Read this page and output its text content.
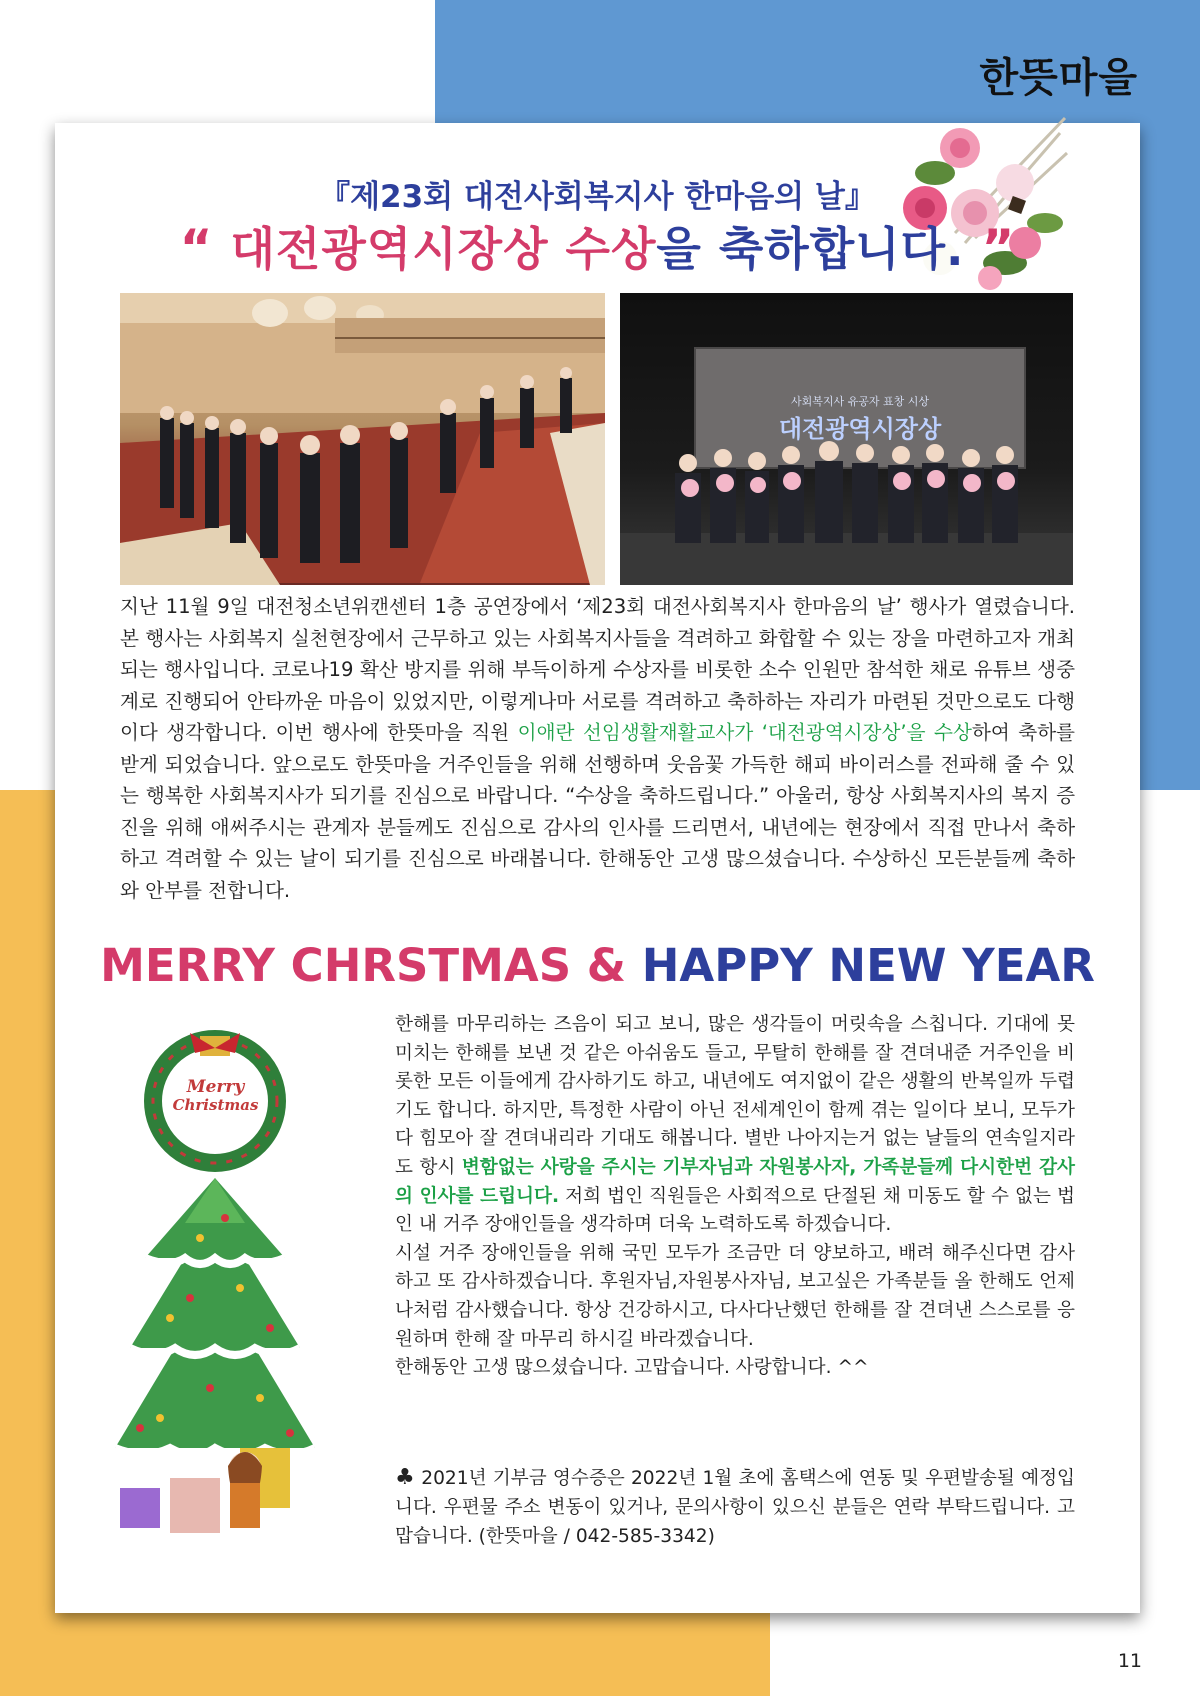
한뜻마을
『제23회 대전사회복지사 한마음의 날』
“ 대전광역시장상 수상을 축하합니다. ”
사회복지사 유공자 표창 시상
대전광역시장상
지난 11월 9일 대전청소년위캔센터 1층 공연장에서 ‘제23회 대전사회복지사 한마음의 날’ 행사가 열렸습니다. 본 행사는 사회복지 실천현장에서 근무하고 있는 사회복지사들을 격려하고 화합할 수 있는 장을 마련하고자 개최되는 행사입니다. 코로나19 확산 방지를 위해 부득이하게 수상자를 비롯한 소수 인원만 참석한 채로 유튜브 생중계로 진행되어 안타까운 마음이 있었지만, 이렇게나마 서로를 격려하고 축하하는 자리가 마련된 것만으로도 다행이다 생각합니다. 이번 행사에 한뜻마을 직원 이애란 선임생활재활교사가 ‘대전광역시장상’을 수상하여 축하를 받게 되었습니다. 앞으로도 한뜻마을 거주인들을 위해 선행하며 웃음꽃 가득한 해피 바이러스를 전파해 줄 수 있는 행복한 사회복지사가 되기를 진심으로 바랍니다. “수상을 축하드립니다.” 아울러, 항상 사회복지사의 복지 증진을 위해 애써주시는 관계자 분들께도 진심으로 감사의 인사를 드리면서, 내년에는 현장에서 직접 만나서 축하하고 격려할 수 있는 날이 되기를 진심으로 바래봅니다. 한해동안 고생 많으셨습니다. 수상하신 모든분들께 축하와 안부를 전합니다.
MERRY CHRSTMAS & HAPPY NEW YEAR
Merry
Christmas

한해를 마무리하는 즈음이 되고 보니, 많은 생각들이 머릿속을 스칩니다. 기대에 못미치는 한해를 보낸 것 같은 아쉬움도 들고, 무탈히 한해를 잘 견뎌내준 거주인을 비롯한 모든 이들에게 감사하기도 하고, 내년에도 여지없이 같은 생활의 반복일까 두렵기도 합니다. 하지만, 특정한 사람이 아닌 전세계인이 함께 겪는 일이다 보니, 모두가 다 힘모아 잘 견뎌내리라 기대도 해봅니다. 별반 나아지는거 없는 날들의 연속일지라도 항시 변함없는 사랑을 주시는 기부자님과 자원봉사자, 가족분들께 다시한번 감사의 인사를 드립니다. 저희 법인 직원들은 사회적으로 단절된 채 미동도 할 수 없는 법인 내 거주 장애인들을 생각하며 더욱 노력하도록 하겠습니다.

시설 거주 장애인들을 위해 국민 모두가 조금만 더 양보하고, 배려 해주신다면 감사하고 또 감사하겠습니다. 후원자님,자원봉사자님, 보고싶은 가족분들 올 한해도 언제나처럼 감사했습니다. 항상 건강하시고, 다사다난했던 한해를 잘 견뎌낸 스스로를 응원하며 한해 잘 마무리 하시길 바라겠습니다.

한해동안 고생 많으셨습니다. 고맙습니다. 사랑합니다. ^^

♣ 2021년 기부금 영수증은 2022년 1월 초에 홈택스에 연동 및 우편발송될 예정입니다. 우편물 주소 변동이 있거나, 문의사항이 있으신 분들은 연락 부탁드립니다. 고맙습니다. (한뜻마을 / 042-585-3342)
11
